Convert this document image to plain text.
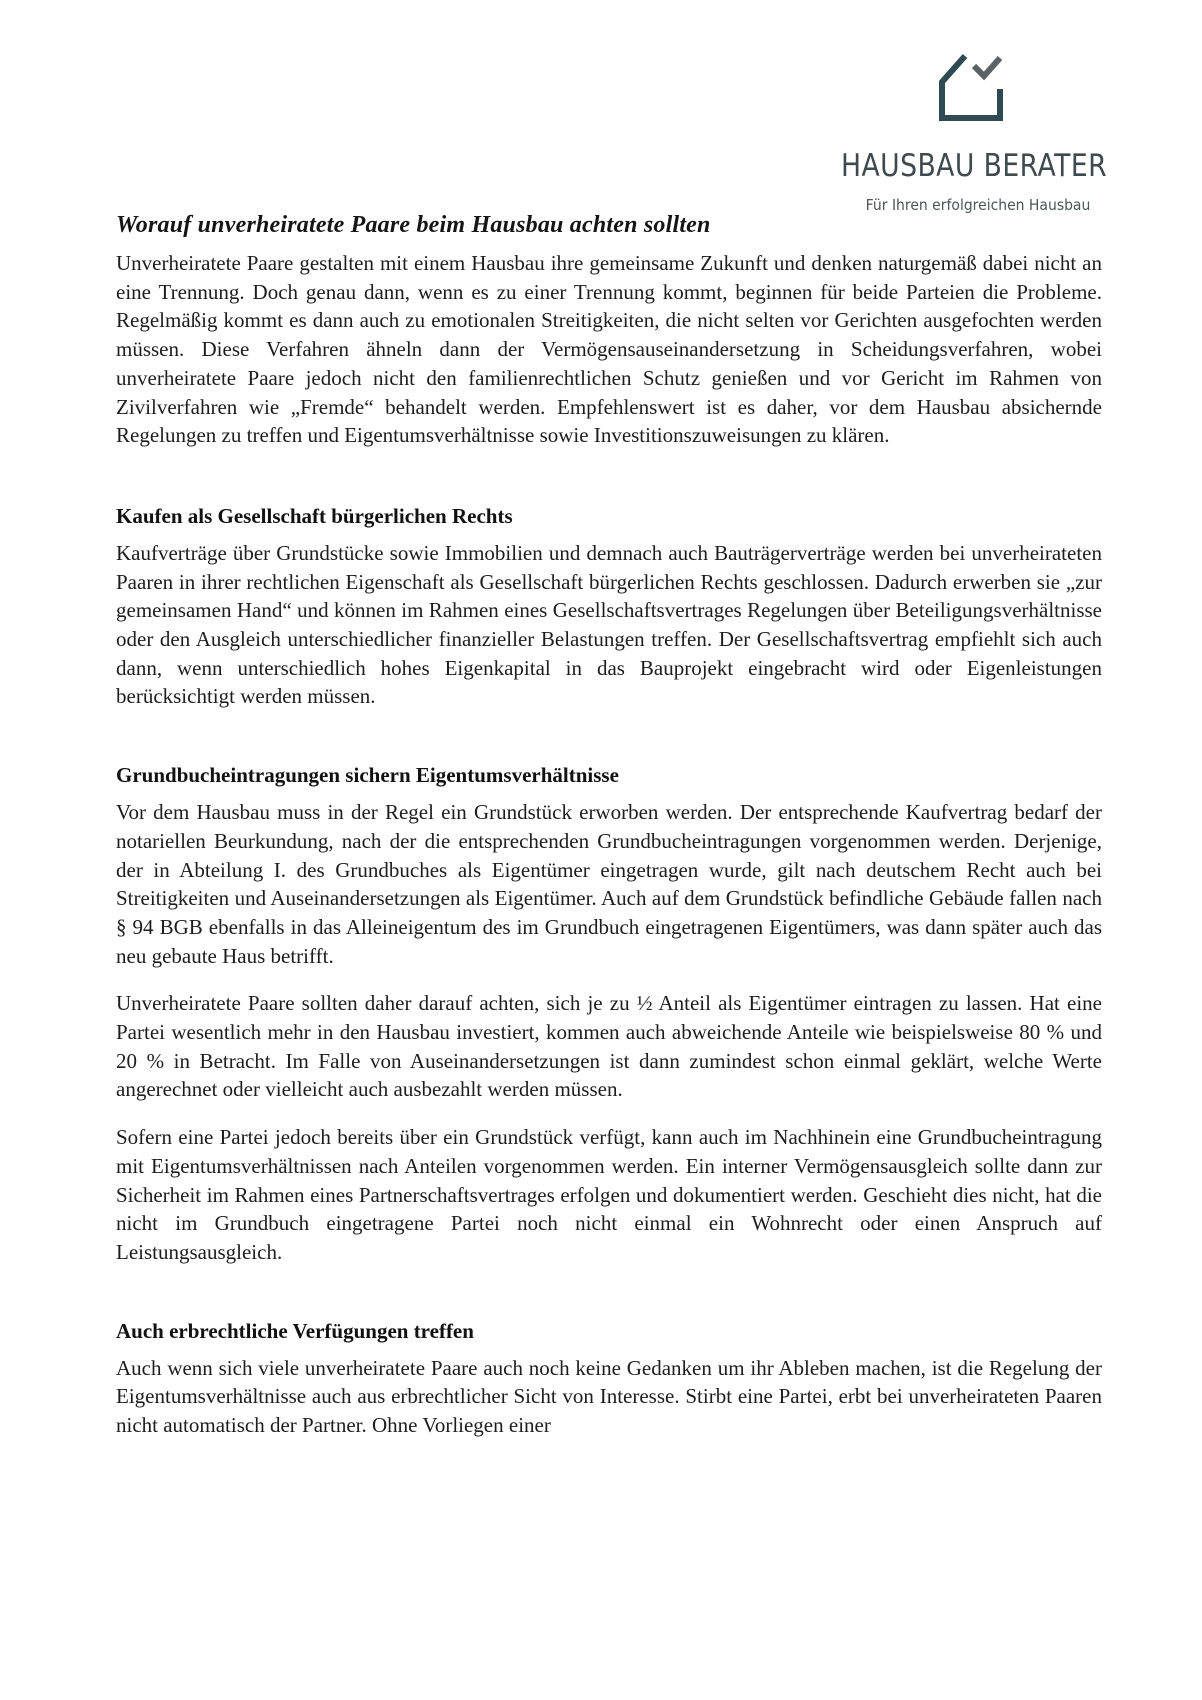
HAUSBAU BERATER
Für Ihren erfolgreichen Hausbau
Worauf unverheiratete Paare beim Hausbau achten sollten

Unverheiratete Paare gestalten mit einem Hausbau ihre gemeinsame Zukunft und denken naturgemäß dabei nicht an eine Trennung. Doch genau dann, wenn es zu einer Trennung kommt, beginnen für beide Parteien die Probleme. Regelmäßig kommt es dann auch zu emotionalen Streitigkeiten, die nicht selten vor Gerichten ausgefochten werden müssen. Diese Verfahren ähneln dann der Vermögensauseinandersetzung in Scheidungsverfahren, wobei unverheiratete Paare jedoch nicht den familienrechtlichen Schutz genießen und vor Gericht im Rahmen von Zivilverfahren wie „Fremde“ behandelt werden. Empfehlenswert ist es daher, vor dem Hausbau absichernde Regelungen zu treffen und Eigentumsverhältnisse sowie Investitionszuweisungen zu klären.

Kaufen als Gesellschaft bürgerlichen Rechts

Kaufverträge über Grundstücke sowie Immobilien und demnach auch Bauträgerverträge werden bei unverheirateten Paaren in ihrer rechtlichen Eigenschaft als Gesellschaft bürgerlichen Rechts geschlossen. Dadurch erwerben sie „zur gemeinsamen Hand“ und können im Rahmen eines Gesellschaftsvertrages Regelungen über Beteiligungsverhältnisse oder den Ausgleich unterschiedlicher finanzieller Belastungen treffen. Der Gesellschaftsvertrag empfiehlt sich auch dann, wenn unterschiedlich hohes Eigenkapital in das Bauprojekt eingebracht wird oder Eigenleistungen berücksichtigt werden müssen.

Grundbucheintragungen sichern Eigentumsverhältnisse

Vor dem Hausbau muss in der Regel ein Grundstück erworben werden. Der entsprechende Kaufvertrag bedarf der notariellen Beurkundung, nach der die entsprechenden Grundbucheintragungen vorgenommen werden. Derjenige, der in Abteilung I. des Grundbuches als Eigentümer eingetragen wurde, gilt nach deutschem Recht auch bei Streitigkeiten und Auseinandersetzungen als Eigentümer. Auch auf dem Grundstück befindliche Gebäude fallen nach § 94 BGB ebenfalls in das Alleineigentum des im Grundbuch eingetragenen Eigentümers, was dann später auch das neu gebaute Haus betrifft.

Unverheiratete Paare sollten daher darauf achten, sich je zu ½ Anteil als Eigentümer eintragen zu lassen. Hat eine Partei wesentlich mehr in den Hausbau investiert, kommen auch abweichende Anteile wie beispielsweise 80 % und 20 % in Betracht. Im Falle von Auseinandersetzungen ist dann zumindest schon einmal geklärt, welche Werte angerechnet oder vielleicht auch ausbezahlt werden müssen.

Sofern eine Partei jedoch bereits über ein Grundstück verfügt, kann auch im Nachhinein eine Grundbucheintragung mit Eigentumsverhältnissen nach Anteilen vorgenommen werden. Ein interner Vermögensausgleich sollte dann zur Sicherheit im Rahmen eines Partnerschaftsvertrages erfolgen und dokumentiert werden. Geschieht dies nicht, hat die nicht im Grundbuch eingetragene Partei noch nicht einmal ein Wohnrecht oder einen Anspruch auf Leistungsausgleich.

Auch erbrechtliche Verfügungen treffen

Auch wenn sich viele unverheiratete Paare auch noch keine Gedanken um ihr Ableben machen, ist die Regelung der Eigentumsverhältnisse auch aus erbrechtlicher Sicht von Interesse. Stirbt eine Partei, erbt bei unverheirateten Paaren nicht automatisch der Partner. Ohne Vorliegen einer
